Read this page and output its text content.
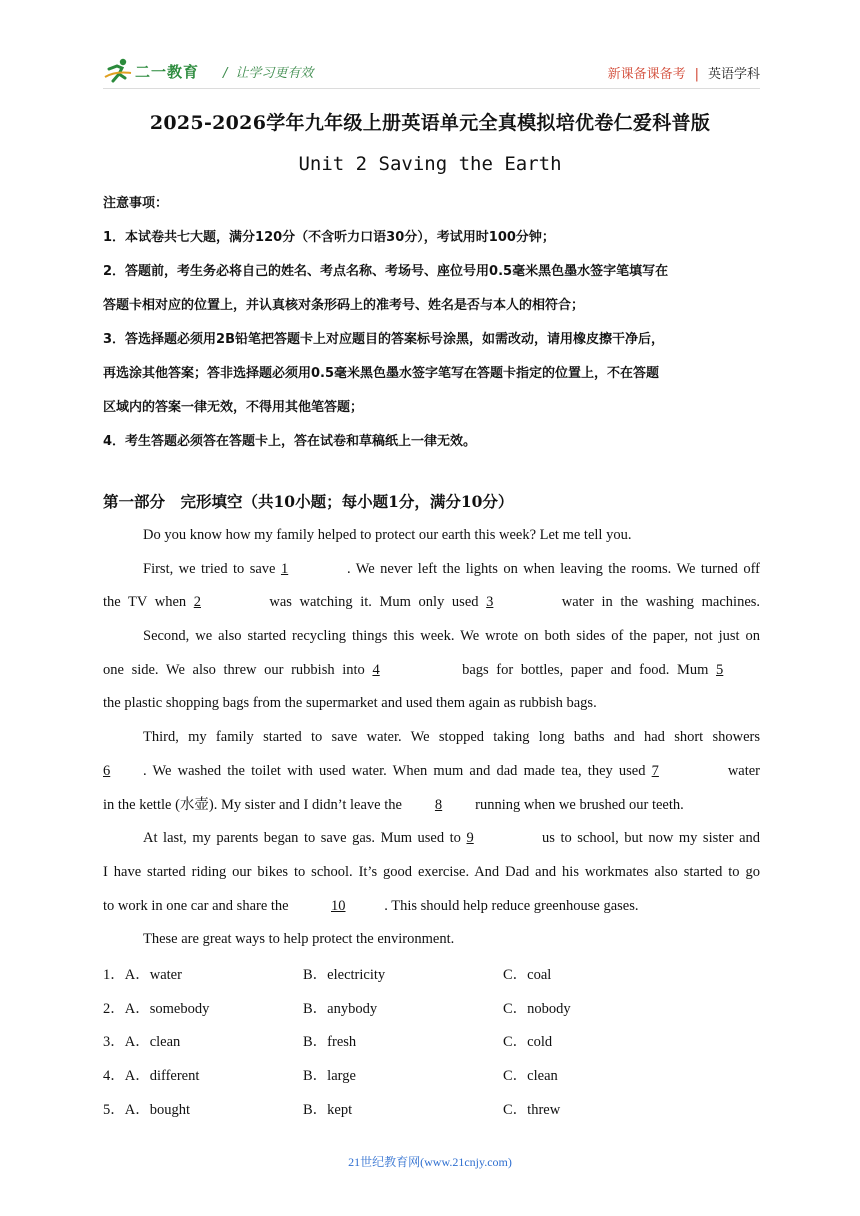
二一教育 / 让学习更有效	新课备课备考 | 英语学科
2025-2026学年九年级上册英语单元全真模拟培优卷仁爱科普版
Unit 2 Saving the Earth
注意事项：
1．本试卷共七大题，满分120分（不含听力口语30分），考试用时100分钟；
2．答题前，考生务必将自己的姓名、考点名称、考场号、座位号用0.5毫米黑色墨水签字笔填写在
答题卡相对应的位置上，并认真核对条形码上的准考号、姓名是否与本人的相符合；
3．答选择题必须用2B铅笔把答题卡上对应题目的答案标号涂黑，如需改动，请用橡皮擦干净后，
再选涂其他答案；答非选择题必须用0.5毫米黑色墨水签字笔写在答题卡指定的位置上，不在答题
区域内的答案一律无效，不得用其他笔答题；
4．考生答题必须答在答题卡上，答在试卷和草稿纸上一律无效。
第一部分　完形填空（共10小题；每小题1分，满分10分）
Do you know how my family helped to protect our earth this week? Let me tell you.
First, we tried to save 1	. We never left the lights on when leaving the rooms. We turned off
the TV when 2	was watching it. Mum only used 3	water in the washing machines.
Second, we also started recycling things this week. We wrote on both sides of the paper, not just on
one side. We also threw our rubbish into 4	bags for bottles, paper and food. Mum 5
the plastic shopping bags from the supermarket and used them again as rubbish bags.
Third, my family started to save water. We stopped taking long baths and had short showers
6 . We washed the toilet with used water. When mum and dad made tea, they used 7	water
in the kettle (水壶). My sister and I didn’t leave the 8 running when we brushed our teeth.
At last, my parents began to save gas. Mum used to 9	us to school, but now my sister and
I have started riding our bikes to school. It’s good exercise. And Dad and his workmates also started to go
to work in one car and share the	10	. This should help reduce greenhouse gases.
These are great ways to help protect the environment.
1．A．water	B．electricity	C．coal
2．A．somebody	B．anybody	C．nobody
3．A．clean	B．fresh	C．cold
4．A．different	B．large	C．clean
5．A．bought	B．kept	C．threw
21世纪教育网(www.21cnjy.com)
